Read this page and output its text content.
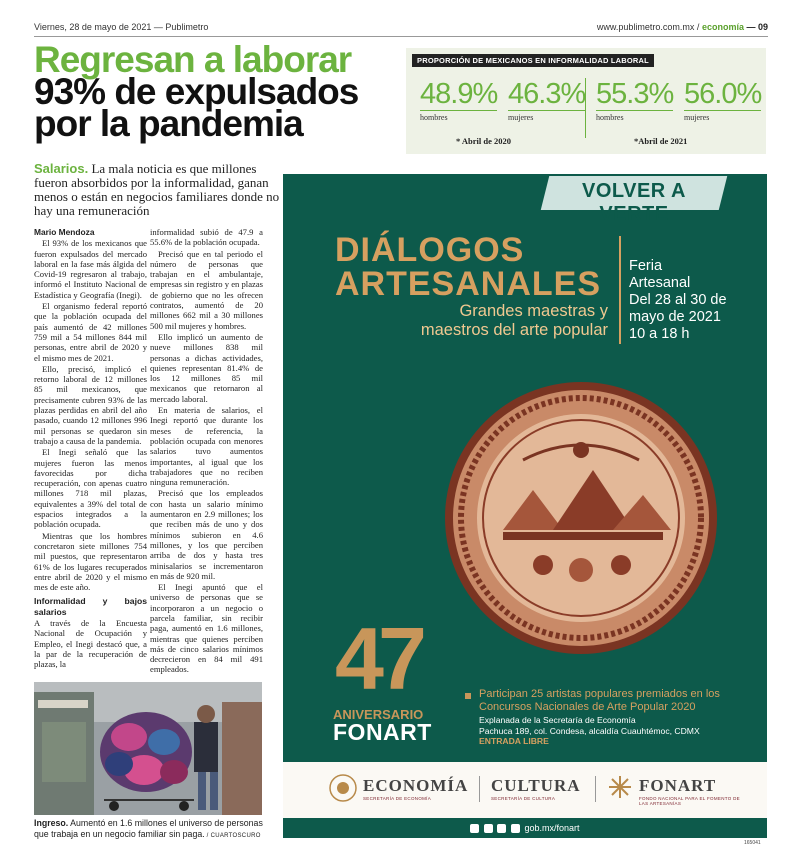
Viernes, 28 de mayo de 2021 — Publimetro	www.publimetro.com.mx / economía — 09
Regresan a laborar
93% de expulsados
por la pandemia
PROPORCIÓN DE MEXICANOS EN INFORMALIDAD LABORAL
48.9%
hombres
46.3%
mujeres
55.3%
hombres
56.0%
mujeres
* Abril de 2020	*Abril de 2021

Salarios. La mala noticia es que millones fueron absorbidos por la informalidad, ganan menos o están en negocios familiares donde no hay una remuneración

Mario Mendoza

El 93% de los mexicanos que fueron expulsados del mercado laboral en la fase más álgida del Covid-19 regresaron al trabajo, informó el Instituto Nacional de Estadística y Geografía (Inegi).

El organismo federal reportó que la población ocupada del país aumentó de 42 millones 759 mil a 54 millones 844 mil personas, entre abril de 2020 y el mismo mes de 2021.

Ello, precisó, implicó el retorno laboral de 12 millones 85 mil mexicanos, que precisamente cubren 93% de las plazas perdidas en abril del año pasado, cuando 12 millones 996 mil personas se quedaron sin trabajo a causa de la pandemia.

El Inegi señaló que las mujeres fueron las menos favorecidas por dicha recuperación, con apenas cuatro millones 718 mil plazas, equivalentes a 39% del total de espacios integrados a la población ocupada.

Mientras que los hombres concretaron siete millones 754 mil puestos, que representaron 61% de los lugares recuperados entre abril de 2020 y el mismo mes de este año.

Informalidad y bajos salarios

A través de la Encuesta Nacional de Ocupación y Empleo, el Inegi destacó que, a la par de la recuperación de plazas, la

informalidad subió de 47.9 a 55.6% de la población ocupada.

Precisó que en tal periodo el número de personas que trabajan en el ambulantaje, empresas sin registro y en plazas de gobierno que no les ofrecen contratos, aumentó de 20 millones 662 mil a 30 millones 500 mil mujeres y hombres.

Ello implicó un aumento de nueve millones 838 mil personas a dichas actividades, quienes representan 81.4% de los 12 millones 85 mil mexicanos que retornaron al mercado laboral.

En materia de salarios, el Inegi reportó que durante los meses de referencia, la población ocupada con menores salarios tuvo aumentos importantes, al igual que los trabajadores que no reciben ninguna remuneración.

Precisó que los empleados con hasta un salario mínimo aumentaron en 2.9 millones; los que reciben más de uno y dos mínimos subieron en 4.6 millones, y los que perciben arriba de dos y hasta tres minisalarios se incrementaron en más de 920 mil.

El Inegi apuntó que el universo de personas que se incorporaron a un negocio o parcela familiar, sin recibir paga, aumentó en 1.6 millones, mientras que quienes perciben más de cinco salarios mínimos decrecieron en 84 mil 491 empleados.

Ingreso. Aumentó en 1.6 millones el universo de personas que trabaja en un negocio familiar sin paga. / CUARTOSCURO

VOLVER A VERTE
DIÁLOGOS
ARTESANALES
Grandes maestras y
maestros del arte popular
Feria
Artesanal
Del 28 al 30 de
mayo de 2021
10 a 18 h
47
ANIVERSARIO
FONART
Participan 25 artistas populares premiados en los Concursos Nacionales de Arte Popular 2020
Explanada de la Secretaría de Economía
Pachuca 189, col. Condesa, alcaldía Cuauhtémoc, CDMX
ENTRADA LIBRE
ECONOMÍA
SECRETARÍA DE ECONOMÍA
CULTURA
SECRETARÍA DE CULTURA
FONART
FONDO NACIONAL PARA EL FOMENTO DE LAS ARTESANÍAS
gob.mx/fonart
165041
